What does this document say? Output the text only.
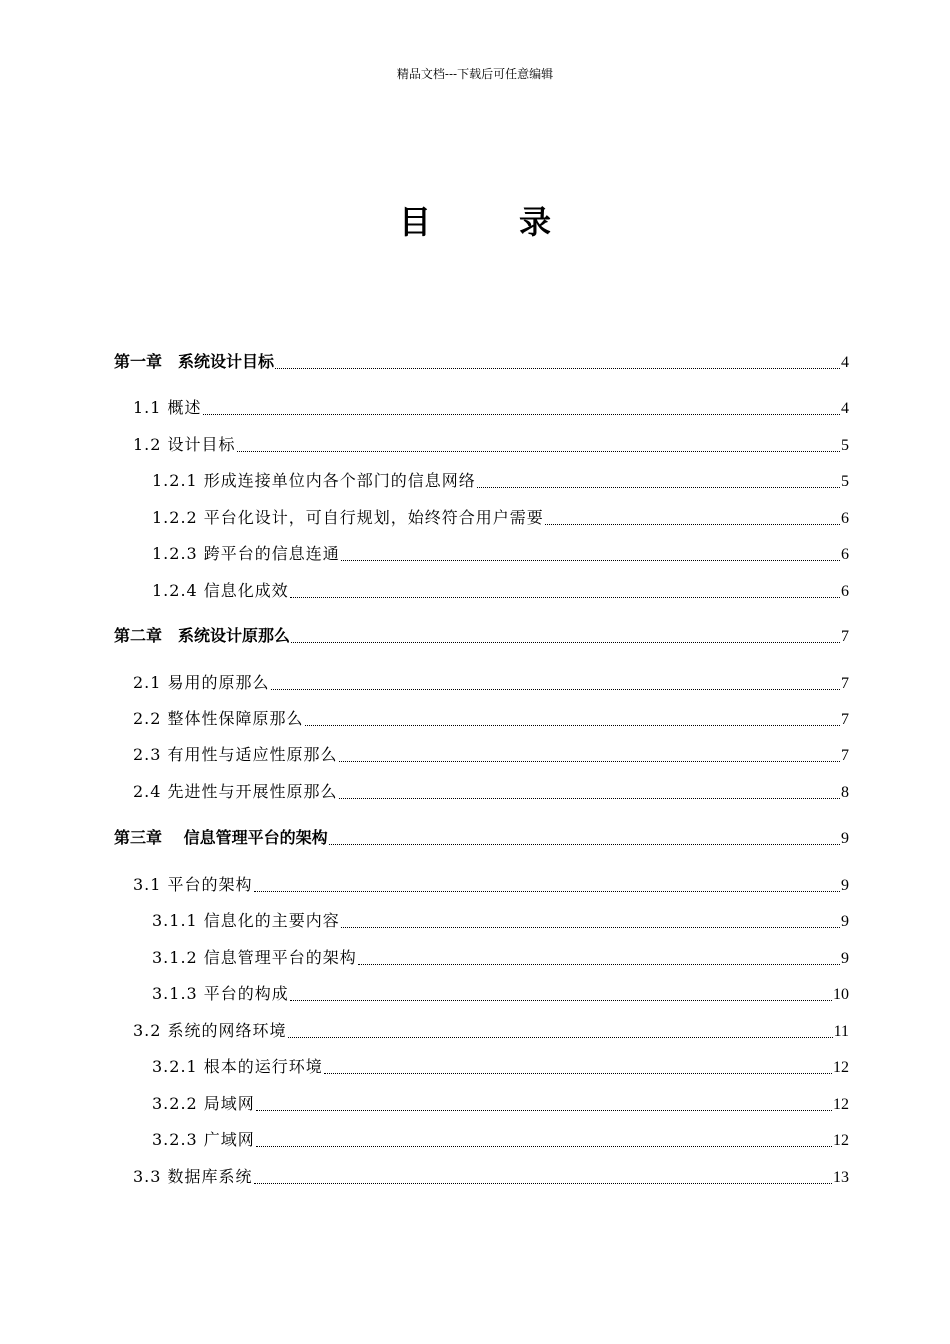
精品文档---下载后可任意编辑
目	录
第一章　系统设计目标	4
1.1 概述	4
1.2 设计目标	5
1.2.1 形成连接单位内各个部门的信息网络	5
1.2.2 平台化设计，可自行规划，始终符合用户需要	6
1.2.3 跨平台的信息连通	6
1.2.4 信息化成效	6
第二章　系统设计原那么	7
2.1 易用的原那么	7
2.2 整体性保障原那么	7
2.3 有用性与适应性原那么	7
2.4 先进性与开展性原那么	8
第三章　 信息管理平台的架构	9
3.1 平台的架构	9
3.1.1 信息化的主要内容	9
3.1.2 信息管理平台的架构	9
3.1.3 平台的构成	10
3.2 系统的网络环境	11
3.2.1 根本的运行环境	12
3.2.2 局域网	12
3.2.3 广域网	12
3.3 数据库系统	13
